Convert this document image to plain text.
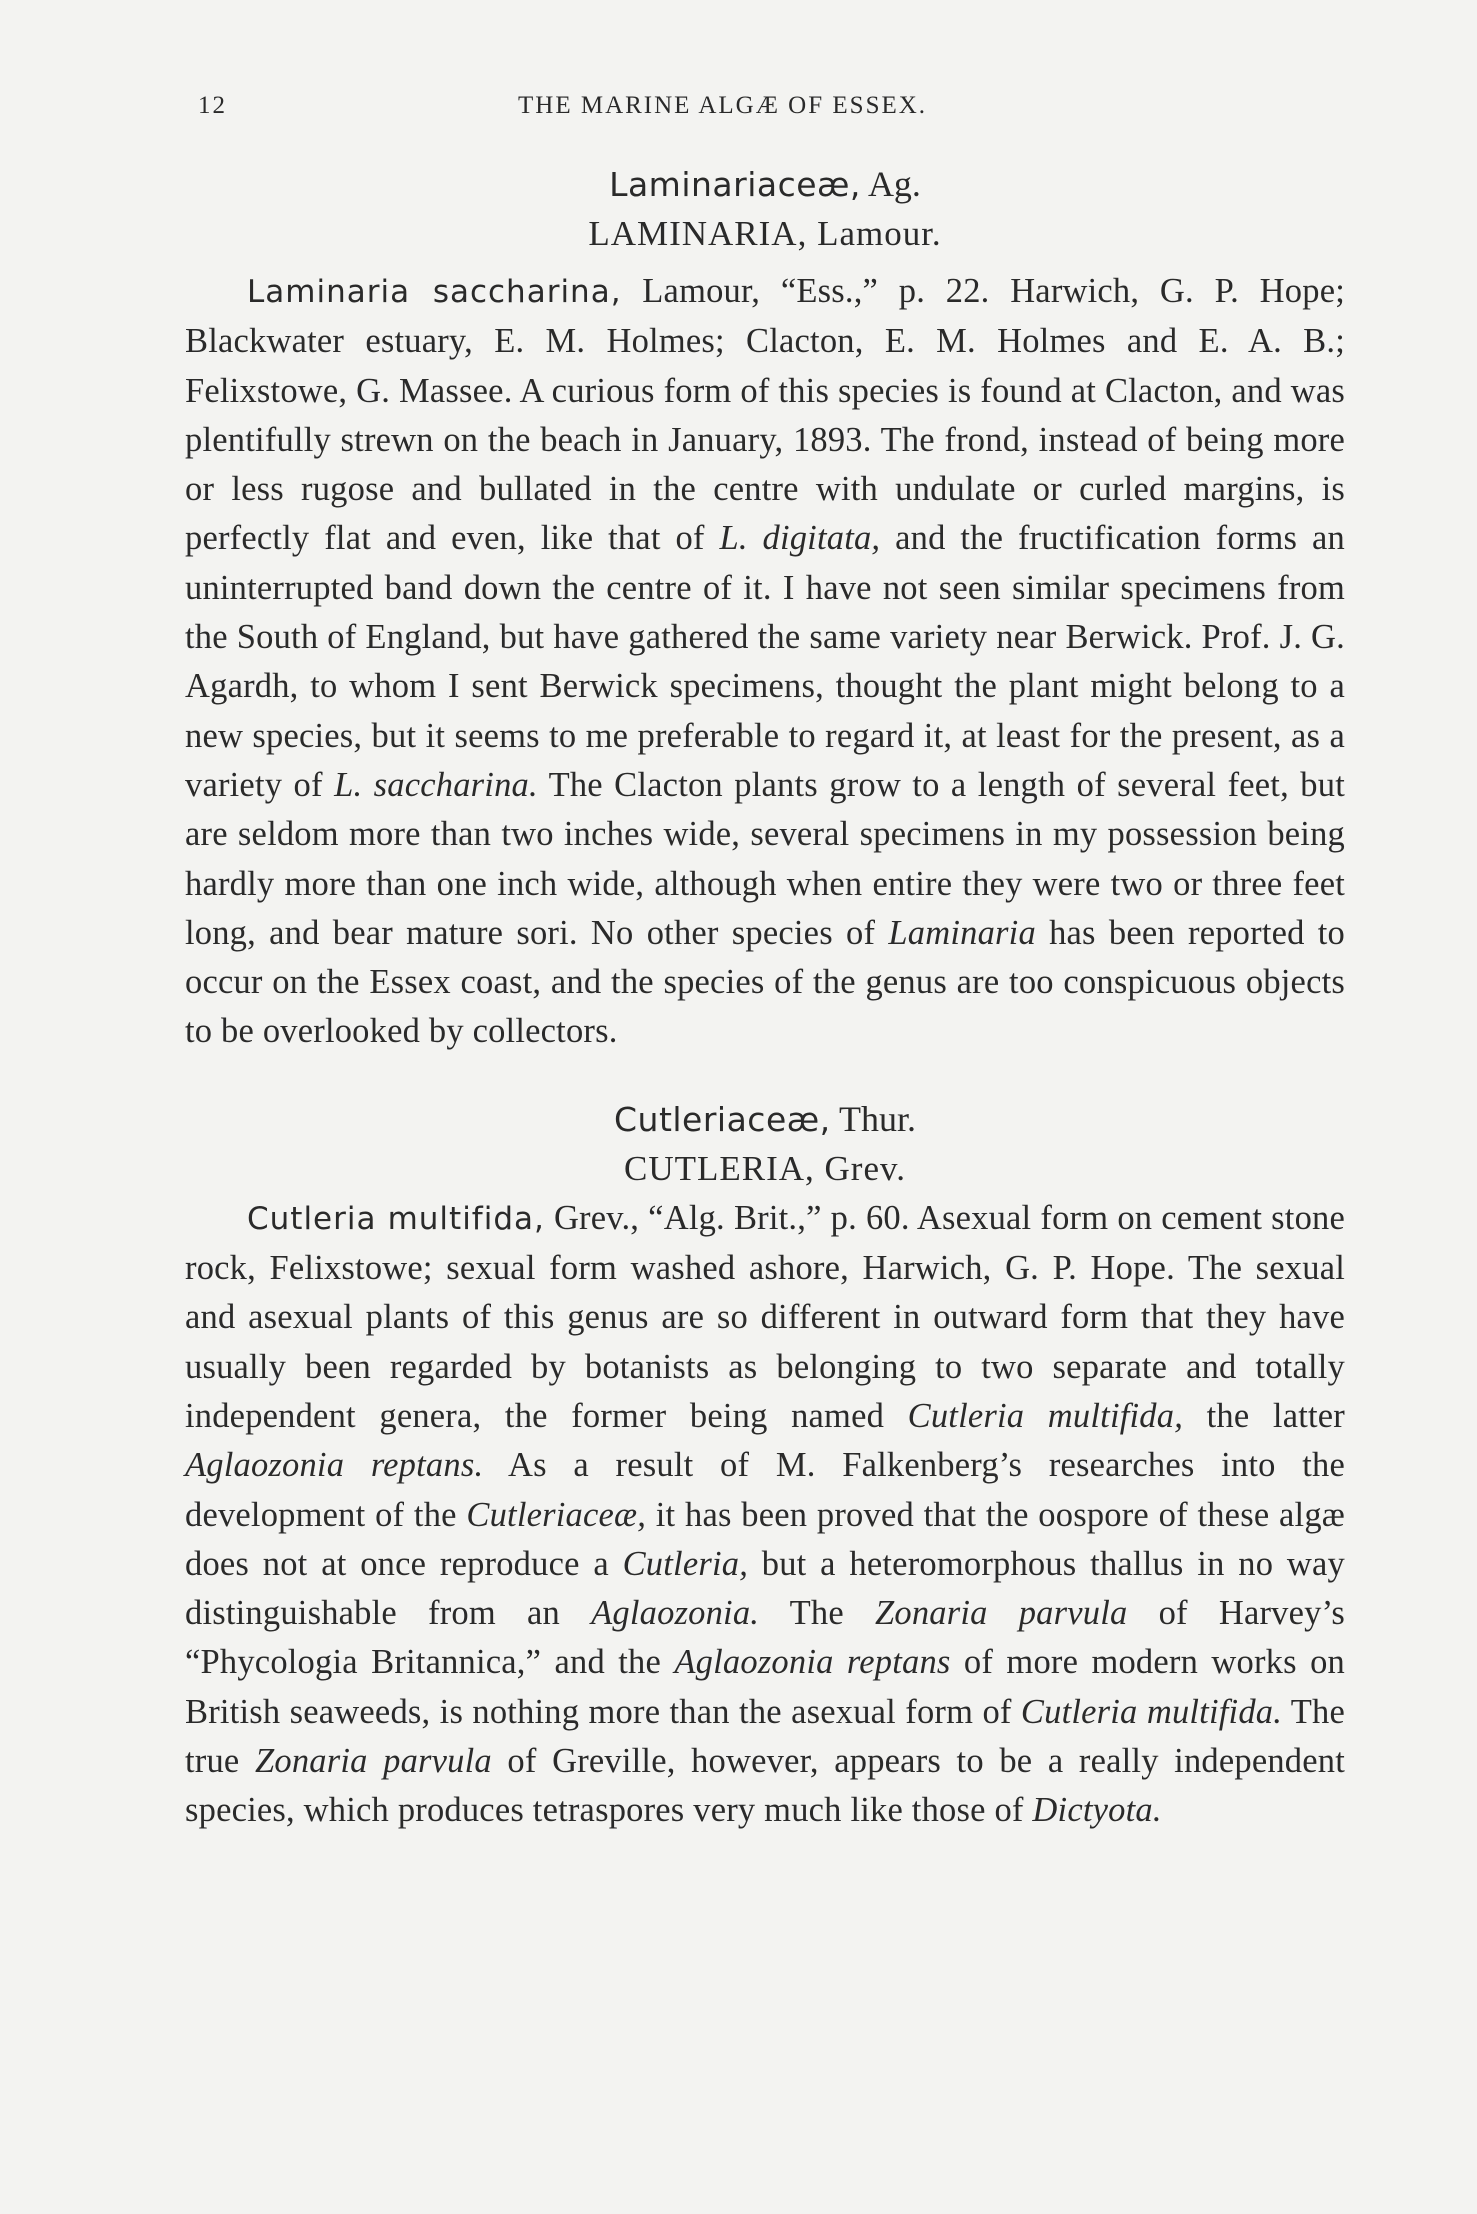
12	THE MARINE ALGÆ OF ESSEX.

Laminariaceæ, Ag.

LAMINARIA, Lamour.

Laminaria saccharina, Lamour, “Ess.,” p. 22. Harwich, G. P. Hope; Blackwater estuary, E. M. Holmes; Clacton, E. M. Holmes and E. A. B.; Felixstowe, G. Massee. A curious form of this species is found at Clacton, and was plentifully strewn on the beach in January, 1893. The frond, instead of being more or less rugose and bullated in the centre with undulate or curled margins, is perfectly flat and even, like that of L. digitata, and the fructification forms an uninterrupted band down the centre of it. I have not seen similar specimens from the South of England, but have gathered the same variety near Berwick. Prof. J. G. Agardh, to whom I sent Berwick specimens, thought the plant might belong to a new species, but it seems to me preferable to regard it, at least for the present, as a variety of L. saccharina. The Clacton plants grow to a length of several feet, but are seldom more than two inches wide, several specimens in my possession being hardly more than one inch wide, although when entire they were two or three feet long, and bear mature sori. No other species of Laminaria has been reported to occur on the Essex coast, and the species of the genus are too conspicuous objects to be overlooked by collectors.

Cutleriaceæ, Thur.

CUTLERIA, Grev.

Cutleria multifida, Grev., “Alg. Brit.,” p. 60. Asexual form on cement stone rock, Felixstowe; sexual form washed ashore, Harwich, G. P. Hope. The sexual and asexual plants of this genus are so different in outward form that they have usually been regarded by botanists as belonging to two separate and totally independent genera, the former being named Cutleria multifida, the latter Aglaozonia reptans. As a result of M. Falkenberg’s researches into the development of the Cutleriaceæ, it has been proved that the oospore of these algæ does not at once reproduce a Cutleria, but a heteromorphous thallus in no way distinguishable from an Aglaozonia. The Zonaria parvula of Harvey’s “Phycologia Britannica,” and the Aglaozonia reptans of more modern works on British seaweeds, is nothing more than the asexual form of Cutleria multifida. The true Zonaria parvula of Greville, however, appears to be a really independent species, which produces tetraspores very much like those of Dictyota.
